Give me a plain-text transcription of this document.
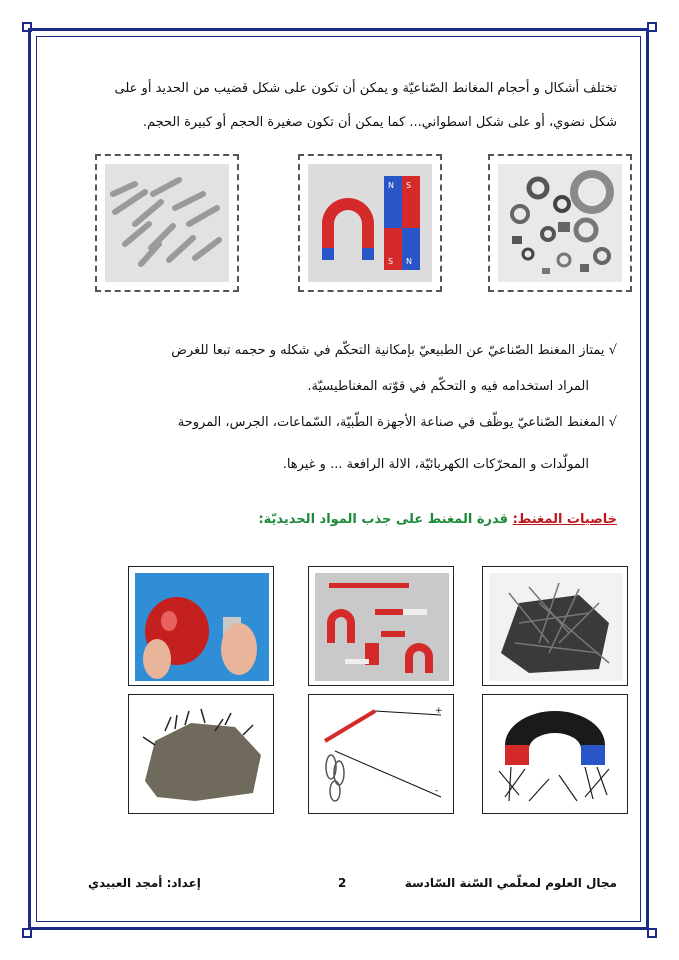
تختلف أشكال و أحجام المغانط الصّناعيّة و يمكن أن تكون على شكل قضيب من الحديد أو على
شكل نضوي، أو على شكل اسطواني... كما يمكن أن تكون صغيرة الحجم أو كبيرة الحجم.
N S
S N
√ يمتاز المغنط الصّناعيّ عن الطبيعيّ بإمكانية التحكّم في شكله و حجمه تبعا للغرض
المراد استخدامه فيه و التحكّم في قوّته المغناطيسيّة.
√ المغنط الصّناعيّ يوظّف في صناعة الأجهزة الطّبيّة، السّماعات، الجرس، المروحة
المولّدات و المحرّكات الكهربائيّة، الالة الرافعة ... و غيرها.
خاصيات المغنط: قدرة المغنط على جذب المواد الحديديّة:
+
-
مجال العلوم لمعلّمي السّنة السّادسة
2
إعداد: أمجد العبيدي
